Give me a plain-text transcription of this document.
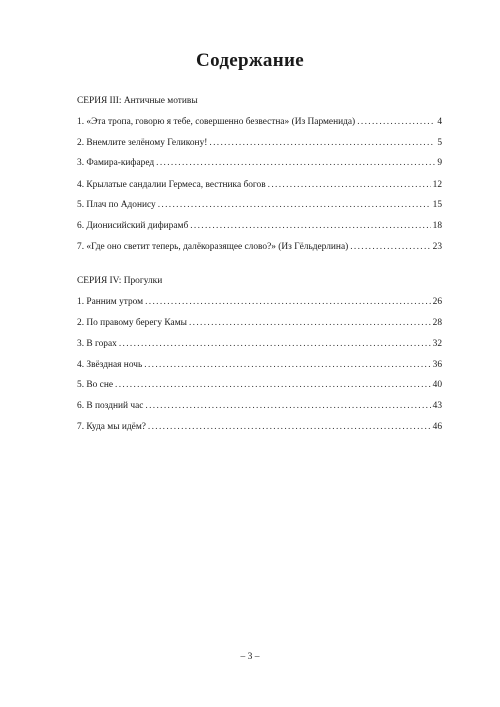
Содержание
СЕРИЯ III: Античные мотивы
1. «Эта тропа, говорю я тебе, совершенно безвестна» (Из Парменида) . . .	4
2. Внемлите зелёному Геликону! . . .	5
3. Фамира-кифаред . . .	9
4. Крылатые сандалии Гермеса, вестника богов . . .	12
5. Плач по Адонису . . .	15
6. Дионисийский дифирамб . . .	18
7. «Где оно светит теперь, далёкоразящее слово?» (Из Гёльдерлина) . . .	23
СЕРИЯ IV: Прогулки
1. Ранним утром . . .	26
2. По правому берегу Камы . . .	28
3. В горах . . .	32
4. Звёздная ночь . . .	36
5. Во сне . . .	40
6. В поздний час . . .	43
7. Куда мы идём? . . .	46
– 3 –
